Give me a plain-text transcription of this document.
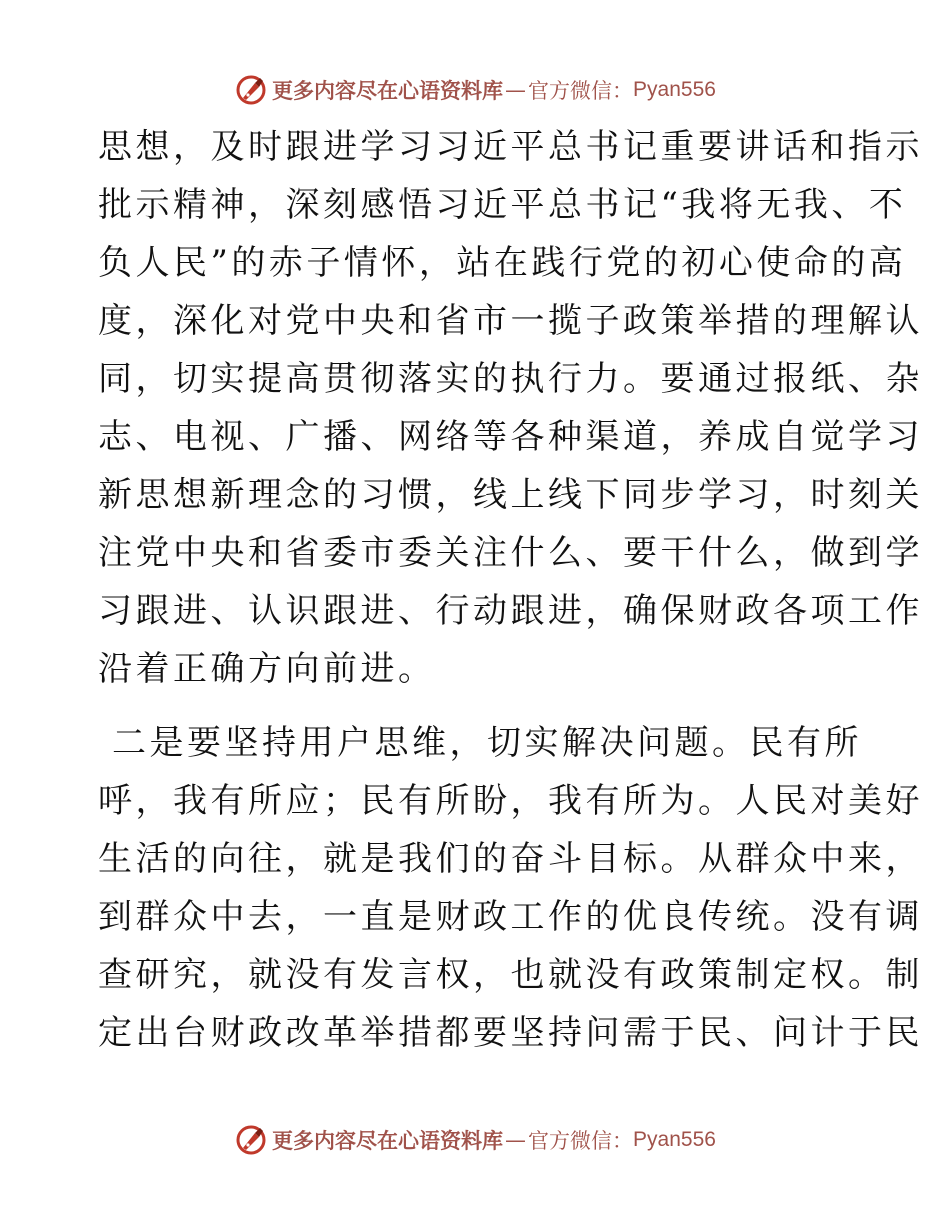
更多内容尽在心语资料库 — 官方微信： Pyan556
思想，及时跟进学习习近平总书记重要讲话和指示
批示精神，深刻感悟习近平总书记“我将无我、不
负人民”的赤子情怀，站在践行党的初心使命的高
度，深化对党中央和省市一揽子政策举措的理解认
同，切实提高贯彻落实的执行力。要通过报纸、杂
志、电视、广播、网络等各种渠道，养成自觉学习
新思想新理念的习惯，线上线下同步学习，时刻关
注党中央和省委市委关注什么、要干什么，做到学
习跟进、认识跟进、行动跟进，确保财政各项工作
沿着正确方向前进。
二是要坚持用户思维，切实解决问题。民有所
呼，我有所应；民有所盼，我有所为。人民对美好
生活的向往，就是我们的奋斗目标。从群众中来，
到群众中去，一直是财政工作的优良传统。没有调
查研究，就没有发言权，也就没有政策制定权。制
定出台财政改革举措都要坚持问需于民、问计于民
更多内容尽在心语资料库 — 官方微信： Pyan556
